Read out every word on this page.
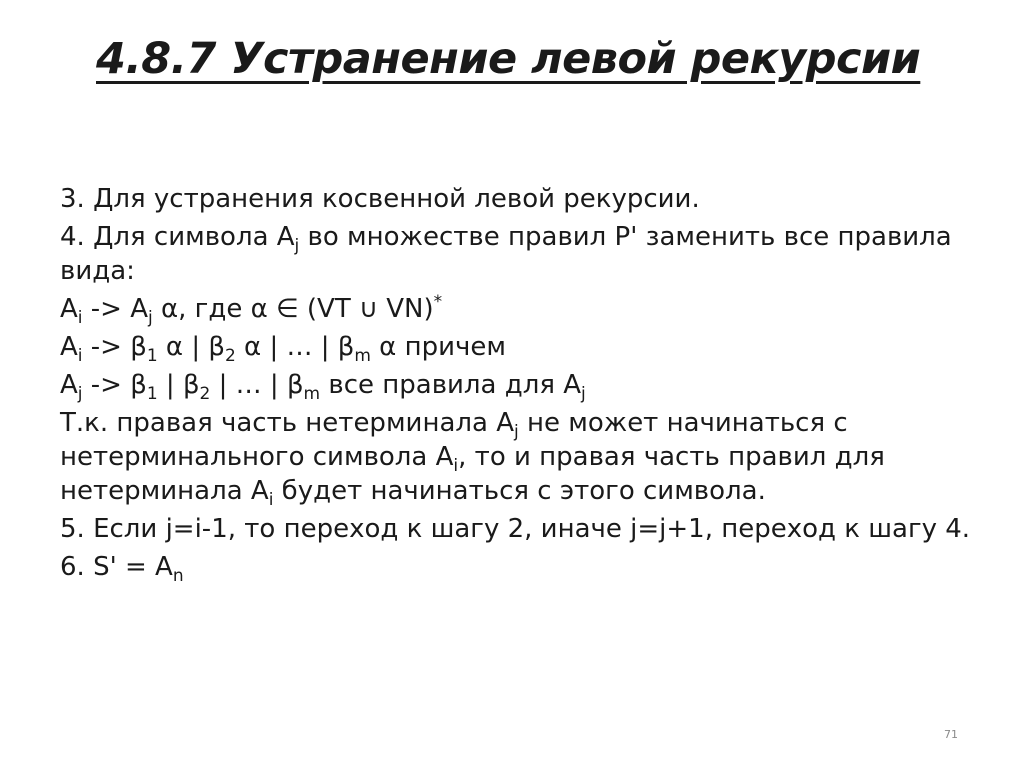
4.8.7 Устранение левой рекурсии

3. Для устранения косвенной левой рекурсии.

4. Для символа $A_j$ во множестве правил P' заменить все правила вида:

$A_i -> A_j$ α, где α ∈ (VT ∪ VN)*

$A_i -> \beta_1$ α | $\beta_2$ α | … | $\beta_m$ α причем

$A_j -> \beta_1$ | $\beta_2$ | … | $\beta_m$ все правила для $A_j$

Т.к. правая часть нетерминала $A_j$ не может начинаться с нетерминального символа $A_i$, то и правая часть правил для нетерминала $A_i$ будет начинаться с этого символа.

5. Если j=i-1, то переход к шагу 2, иначе j=j+1, переход к шагу 4.

6. $S' = A_n$

71
